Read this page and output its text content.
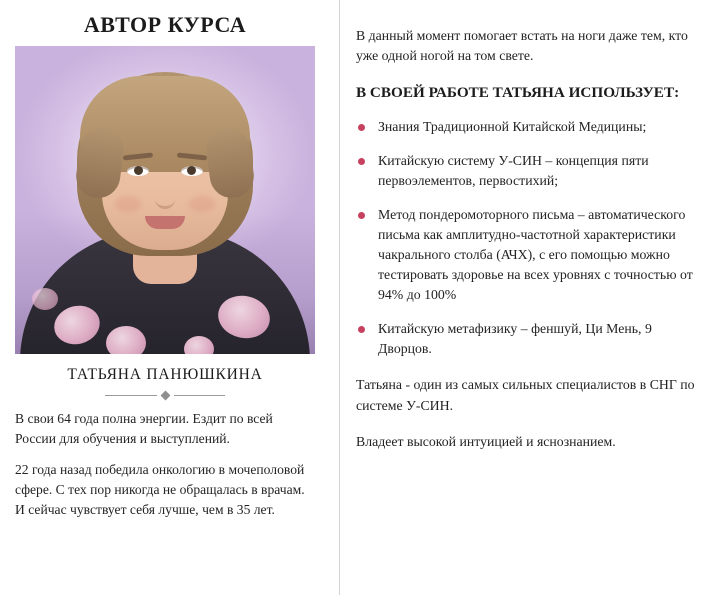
АВТОР КУРСА
ТАТЬЯНА ПАНЮШКИНА

В свои 64 года полна энергии. Ездит по всей России для обучения и выступлений.

22 года назад победила онкологию в мочеполовой сфере. С тех пор никогда не обращалась в врачам. И сейчас чувствует себя лучше, чем в 35 лет.

В данный момент помогает встать на ноги даже тем, кто уже одной ногой на том свете.

В СВОЕЙ РАБОТЕ ТАТЬЯНА ИСПОЛЬЗУЕТ:
Знания Традиционной Китайской Медицины;
Китайскую систему У-СИН – концепция пяти первоэлементов, первостихий;
Метод пондеромоторного письма – автоматического письма как амплитудно-частотной характеристики чакрального столба (АЧХ), с его помощью можно тестировать здоровье на всех уровнях с точностью от 94% до 100%
Китайскую метафизику – феншуй, Ци Мень, 9 Дворцов.

Татьяна - один из самых сильных специалистов в СНГ по системе У-СИН.

Владеет высокой интуицией и яснознанием.
